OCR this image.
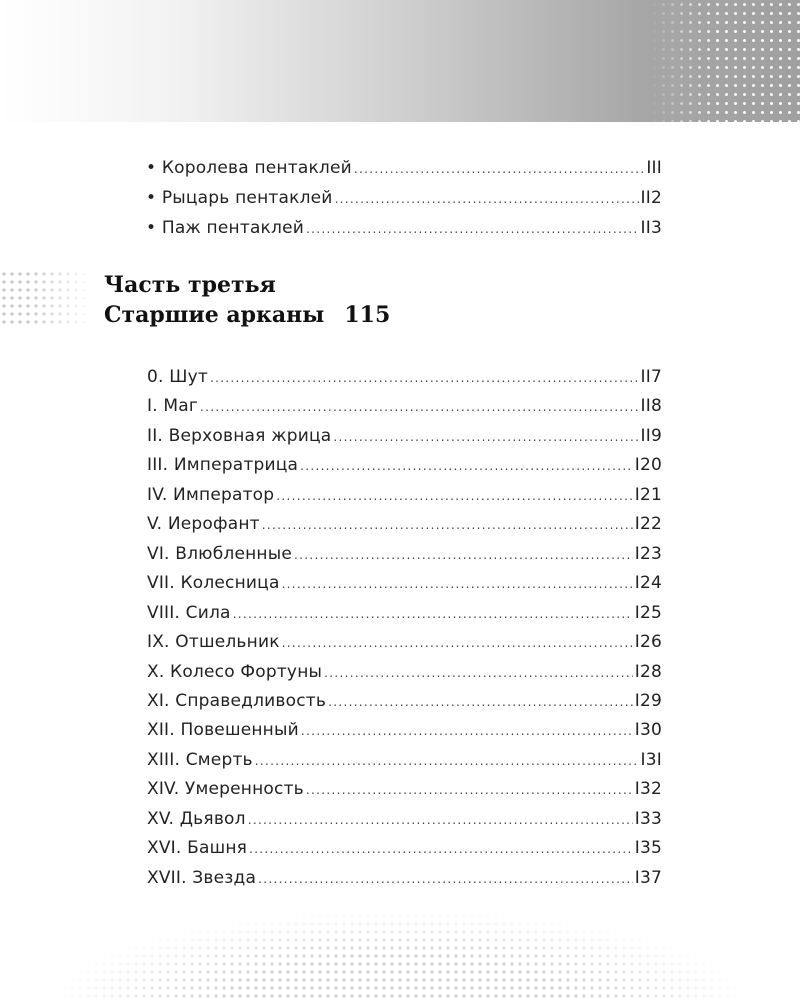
• Королева пентаклей .....	III
• Рыцарь пентаклей .....	II2
• Паж пентаклей .....	II3
Часть третья
Старшие арканы 115
0. Шут .....	II7
I. Маг .....	II8
II. Верховная жрица .....	II9
III. Императрица .....	I20
IV. Император .....	I21
V. Иерофант .....	I22
VI. Влюбленные .....	I23
VII. Колесница .....	I24
VIII. Сила .....	I25
IX. Отшельник .....	I26
X. Колесо Фортуны .....	I28
XI. Справедливость .....	I29
XII. Повешенный .....	I30
XIII. Смерть .....	I3I
XIV. Умеренность .....	I32
XV. Дьявол .....	I33
XVI. Башня .....	I35
XVII. Звезда .....	I37
